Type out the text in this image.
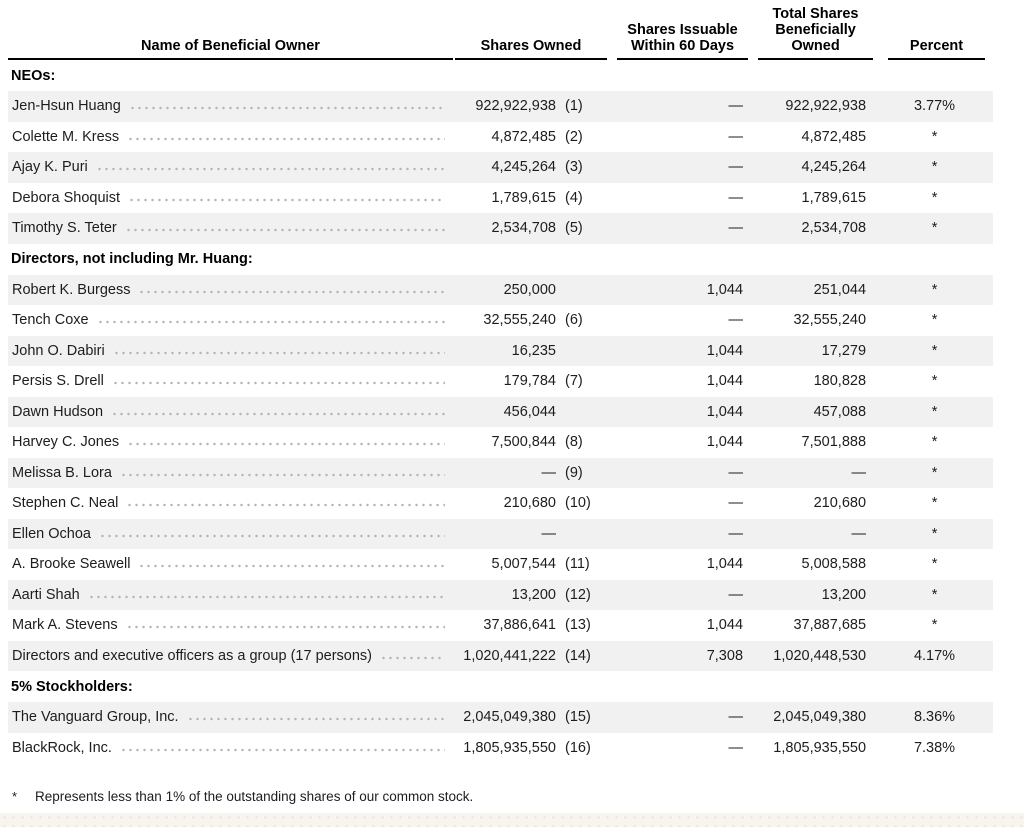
Name of Beneficial Owner	Shares Owned		Shares Issuable Within 60 Days	Total Shares Beneficially Owned	Percent

NEOs:					

Jen-Hsun Huang	922,922,938	(1)	—	922,922,938	3.77%

Colette M. Kress	4,872,485	(2)	—	4,872,485	*

Ajay K. Puri	4,245,264	(3)	—	4,245,264	*

Debora Shoquist	1,789,615	(4)	—	1,789,615	*

Timothy S. Teter	2,534,708	(5)	—	2,534,708	*
Directors, not including Mr. Huang:					

Robert K. Burgess	250,000		1,044	251,044	*

Tench Coxe	32,555,240	(6)	—	32,555,240	*

John O. Dabiri	16,235		1,044	17,279	*

Persis S. Drell	179,784	(7)	1,044	180,828	*

Dawn Hudson	456,044		1,044	457,088	*

Harvey C. Jones	7,500,844	(8)	1,044	7,501,888	*

Melissa B. Lora	—	(9)	—	—	*

Stephen C. Neal	210,680	(10)	—	210,680	*

Ellen Ochoa	—		—	—	*

A. Brooke Seawell	5,007,544	(11)	1,044	5,008,588	*

Aarti Shah	13,200	(12)	—	13,200	*

Mark A. Stevens	37,886,641	(13)	1,044	37,887,685	*

Directors and executive officers as a group (17 persons)	1,020,441,222	(14)	7,308	1,020,448,530	4.17%
5% Stockholders:					

The Vanguard Group, Inc.	2,045,049,380	(15)	—	2,045,049,380	8.36%

BlackRock, Inc.	1,805,935,550	(16)	—	1,805,935,550	7.38%
*	Represents less than 1% of the outstanding shares of our common stock.
